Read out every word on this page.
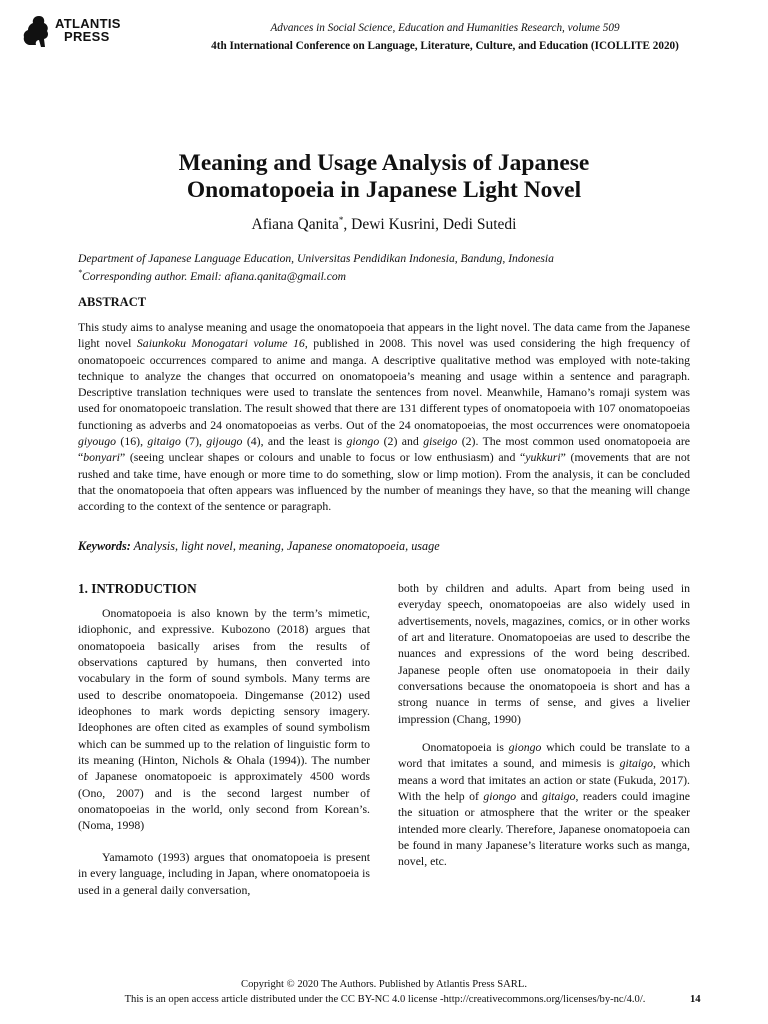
ATLANTIS
PRESS
Advances in Social Science, Education and Humanities Research, volume 509
4th International Conference on Language, Literature, Culture, and Education (ICOLLITE 2020)
Meaning and Usage Analysis of Japanese
Onomatopoeia in Japanese Light Novel
Afiana Qanita*, Dewi Kusrini, Dedi Sutedi
Department of Japanese Language Education, Universitas Pendidikan Indonesia, Bandung, Indonesia
*Corresponding author. Email: afiana.qanita@gmail.com
ABSTRACT
This study aims to analyse meaning and usage the onomatopoeia that appears in the light novel. The data came from the Japanese light novel Saiunkoku Monogatari volume 16, published in 2008. This novel was used considering the high frequency of onomatopoeic occurrences compared to anime and manga. A descriptive qualitative method was employed with note-taking technique to analyze the changes that occurred on onomatopoeia’s meaning and usage within a sentence and paragraph. Descriptive translation techniques were used to translate the sentences from novel. Meanwhile, Hamano’s romaji system was used for onomatopoeic translation. The result showed that there are 131 different types of onomatopoeia with 107 onomatopoeias functioning as adverbs and 24 onomatopoeias as verbs. Out of the 24 onomatopoeias, the most occurrences were onomatopoeia giyougo (16), gitaigo (7), gijougo (4), and the least is giongo (2) and giseigo (2). The most common used onomatopoeia are “bonyari” (seeing unclear shapes or colours and unable to focus or low enthusiasm) and “yukkuri” (movements that are not rushed and take time, have enough or more time to do something, slow or limp motion). From the analysis, it can be concluded that the onomatopoeia that often appears was influenced by the number of meanings they have, so that the meaning will change according to the context of the sentence or paragraph.
Keywords: Analysis, light novel, meaning, Japanese onomatopoeia, usage
1. INTRODUCTION

Onomatopoeia is also known by the term’s mimetic, idiophonic, and expressive. Kubozono (2018) argues that onomatopoeia basically arises from the results of observations captured by humans, then converted into vocabulary in the form of sound symbols. Many terms are used to describe onomatopoeia. Dingemanse (2012) used ideophones to mark words depicting sensory imagery. Ideophones are often cited as examples of sound symbolism which can be summed up to the relation of linguistic form to its meaning (Hinton, Nichols & Ohala (1994)). The number of Japanese onomatopoeic is approximately 4500 words (Ono, 2007) and is the second largest number of onomatopoeias in the world, only second from Korean’s. (Noma, 1998)

Yamamoto (1993) argues that onomatopoeia is present in every language, including in Japan, where onomatopoeia is used in a general daily conversation,

both by children and adults. Apart from being used in everyday speech, onomatopoeias are also widely used in advertisements, novels, magazines, comics, or in other works of art and literature. Onomatopoeias are used to describe the nuances and expressions of the word being described. Japanese people often use onomatopoeia in their daily conversations because the onomatopoeia is short and has a strong nuance in terms of sense, and gives a livelier impression (Chang, 1990)

Onomatopoeia is giongo which could be translate to a word that imitates a sound, and mimesis is gitaigo, which means a word that imitates an action or state (Fukuda, 2017). With the help of giongo and gitaigo, readers could imagine the situation or atmosphere that the writer or the speaker intended more clearly. Therefore, Japanese onomatopoeia can be found in many Japanese’s literature works such as manga, novel, etc.

Copyright © 2020 The Authors. Published by Atlantis Press SARL.
This is an open access article distributed under the CC BY-NC 4.0 license -http://creativecommons.org/licenses/by-nc/4.0/.	14
